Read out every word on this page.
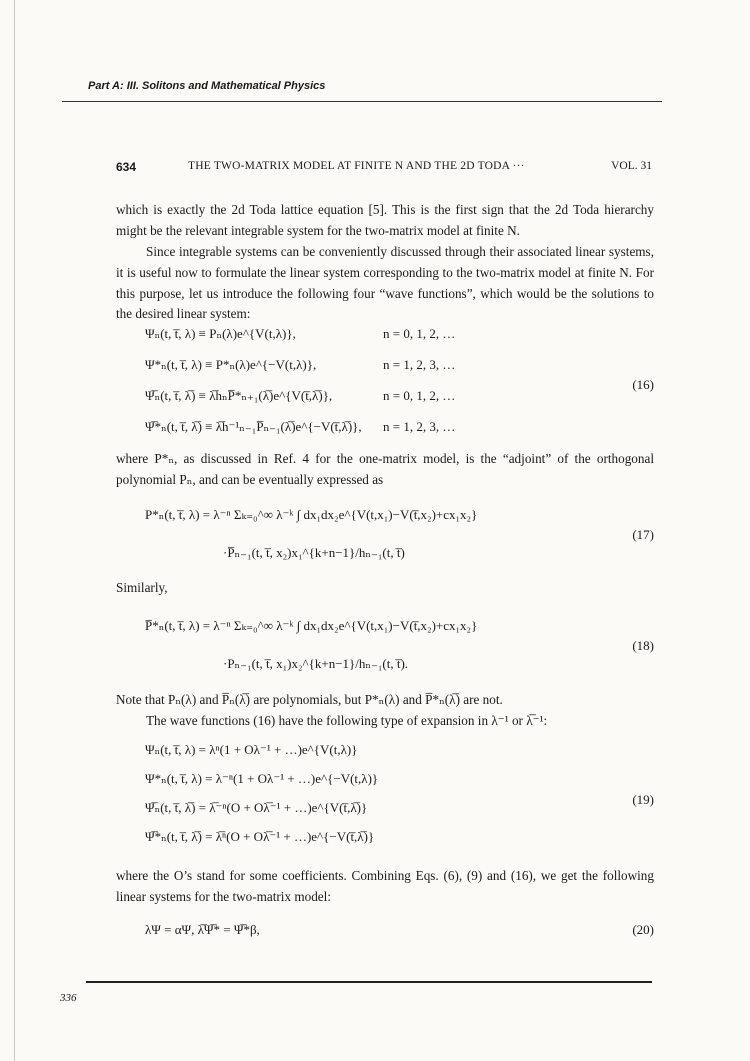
Part A: III. Solitons and Mathematical Physics
634	THE TWO-MATRIX MODEL AT FINITE N AND THE 2D TODA ···	VOL. 31

which is exactly the 2d Toda lattice equation [5]. This is the first sign that the 2d Toda hierarchy might be the relevant integrable system for the two-matrix model at finite N.

Since integrable systems can be conveniently discussed through their associated linear systems, it is useful now to formulate the linear system corresponding to the two-matrix model at finite N. For this purpose, let us introduce the following four “wave functions”, which would be the solutions to the desired linear system:

Ψₙ(t, t̅, λ) ≡ Pₙ(λ)e^{V(t,λ)},	n = 0, 1, 2, …
Ψ*ₙ(t, t̅, λ) ≡ P*ₙ(λ)e^{−V(t,λ)},	n = 1, 2, 3, …
Ψ̅ₙ(t, t̅, λ̅) ≡ λ̅hₙP̅*ₙ₊₁(λ̅)e^{V(t̅,λ̅)},	n = 0, 1, 2, …
Ψ̅*ₙ(t, t̅, λ̅) ≡ λ̅h⁻¹ₙ₋₁P̅ₙ₋₁(λ̅)e^{−V(t̅,λ̅)}, n = 1, 2, 3, …
(16)

where P*ₙ, as discussed in Ref. 4 for the one-matrix model, is the “adjoint” of the orthogonal polynomial Pₙ, and can be eventually expressed as

P*ₙ(t, t̅, λ) = λ⁻ⁿ Σₖ₌₀^∞ λ⁻ᵏ ∫ dx₁dx₂e^{V(t,x₁)−V(t̅,x₂)+cx₁x₂}
·P̅ₙ₋₁(t, t̅, x₂)x₁^{k+n−1}/hₙ₋₁(t, t̅)
(17)

Similarly,

P̅*ₙ(t, t̅, λ) = λ⁻ⁿ Σₖ₌₀^∞ λ⁻ᵏ ∫ dx₁dx₂e^{V(t,x₁)−V(t̅,x₂)+cx₁x₂}
·Pₙ₋₁(t, t̅, x₁)x₂^{k+n−1}/hₙ₋₁(t, t̅).
(18)

Note that Pₙ(λ) and P̅ₙ(λ̅) are polynomials, but P*ₙ(λ) and P̅*ₙ(λ̅) are not.

The wave functions (16) have the following type of expansion in λ⁻¹ or λ̅⁻¹:

Ψₙ(t, t̅, λ) = λⁿ(1 + Oλ⁻¹ + …)e^{V(t,λ)}
Ψ*ₙ(t, t̅, λ) = λ⁻ⁿ(1 + Oλ⁻¹ + …)e^{−V(t,λ)}
Ψ̅ₙ(t, t̅, λ̅) = λ̅⁻ⁿ(O + Oλ̅⁻¹ + …)e^{V(t̅,λ̅)}
Ψ̅*ₙ(t, t̅, λ̅) = λ̅ⁿ(O + Oλ̅⁻¹ + …)e^{−V(t̅,λ̅)}
(19)

where the O’s stand for some coefficients. Combining Eqs. (6), (9) and (16), we get the following linear systems for the two-matrix model:

λΨ = αΨ, λ̅Ψ̅* = Ψ̅*β,	(20)
336
